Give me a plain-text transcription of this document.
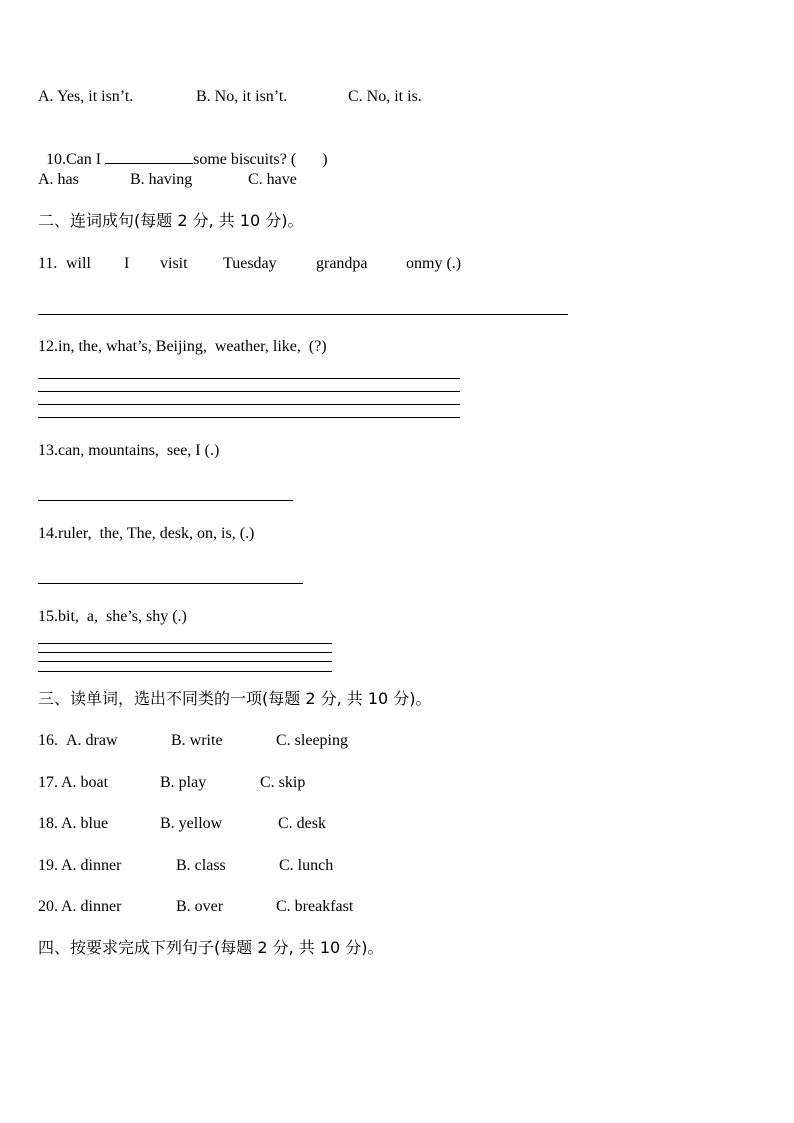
A. Yes, it isn’t.	B. No, it isn’t.	C. No, it is.

10.Can I	some biscuits? ( )

A. has	B. having	C. have
二、连词成句(每题 2 分, 共 10 分)。
11. will I visit Tuesday grandpa onmy (.)
12.in, the, what’s, Beijing,  weather, like,  (?)
13.can, mountains,  see, I (.)
14.ruler,  the, The, desk, on, is, (.)
15.bit,  a,  she’s, shy (.)
三、读单词，选出不同类的一项(每题 2 分, 共 10 分)。
16. A. draw	B. write	C. sleeping
17. A. boat	B. play	C. skip
18. A. blue	B. yellow	C. desk
19. A. dinner	B. class	C. lunch
20. A. dinner	B. over	C. breakfast
四、按要求完成下列句子(每题 2 分, 共 10 分)。
